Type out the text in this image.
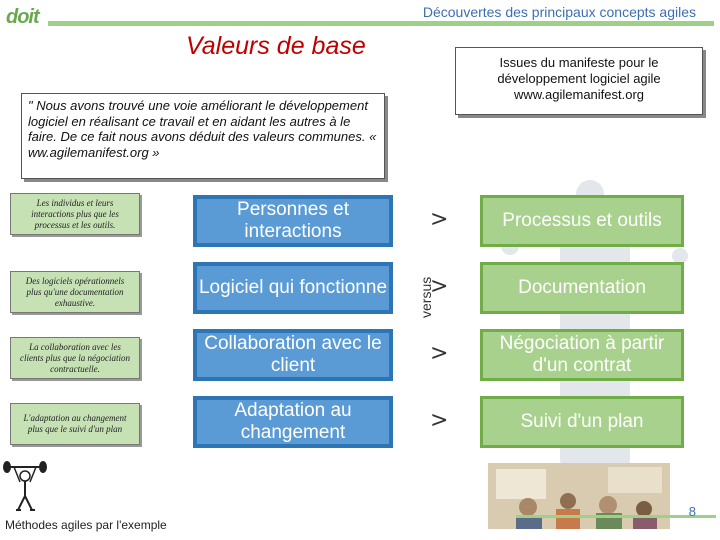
doit	Découvertes des principaux concepts agiles
Valeurs de base
" Nous avons trouvé une voie améliorant le développement logiciel en réalisant ce travail et en aidant les autres à le faire. De ce fait nous avons déduit des valeurs communes. « ww.agilemanifest.org »
Issues du manifeste pour le
développement logiciel agile
www.agilemanifest.org
Les individus et leurs interactions plus que les processus et les outils.
Des logiciels opérationnels plus qu'une documentation exhaustive.
La collaboration avec les clients plus que la négociation contractuelle.
L'adaptation au changement plus que le suivi d'un plan
Personnes et interactions
Logiciel qui fonctionne
Collaboration avec le client
Adaptation au changement
>
>
>
>
versus
Processus et outils
Documentation
Négociation à partir d'un contrat
Suivi d'un plan
Méthodes agiles par l'exemple
8
